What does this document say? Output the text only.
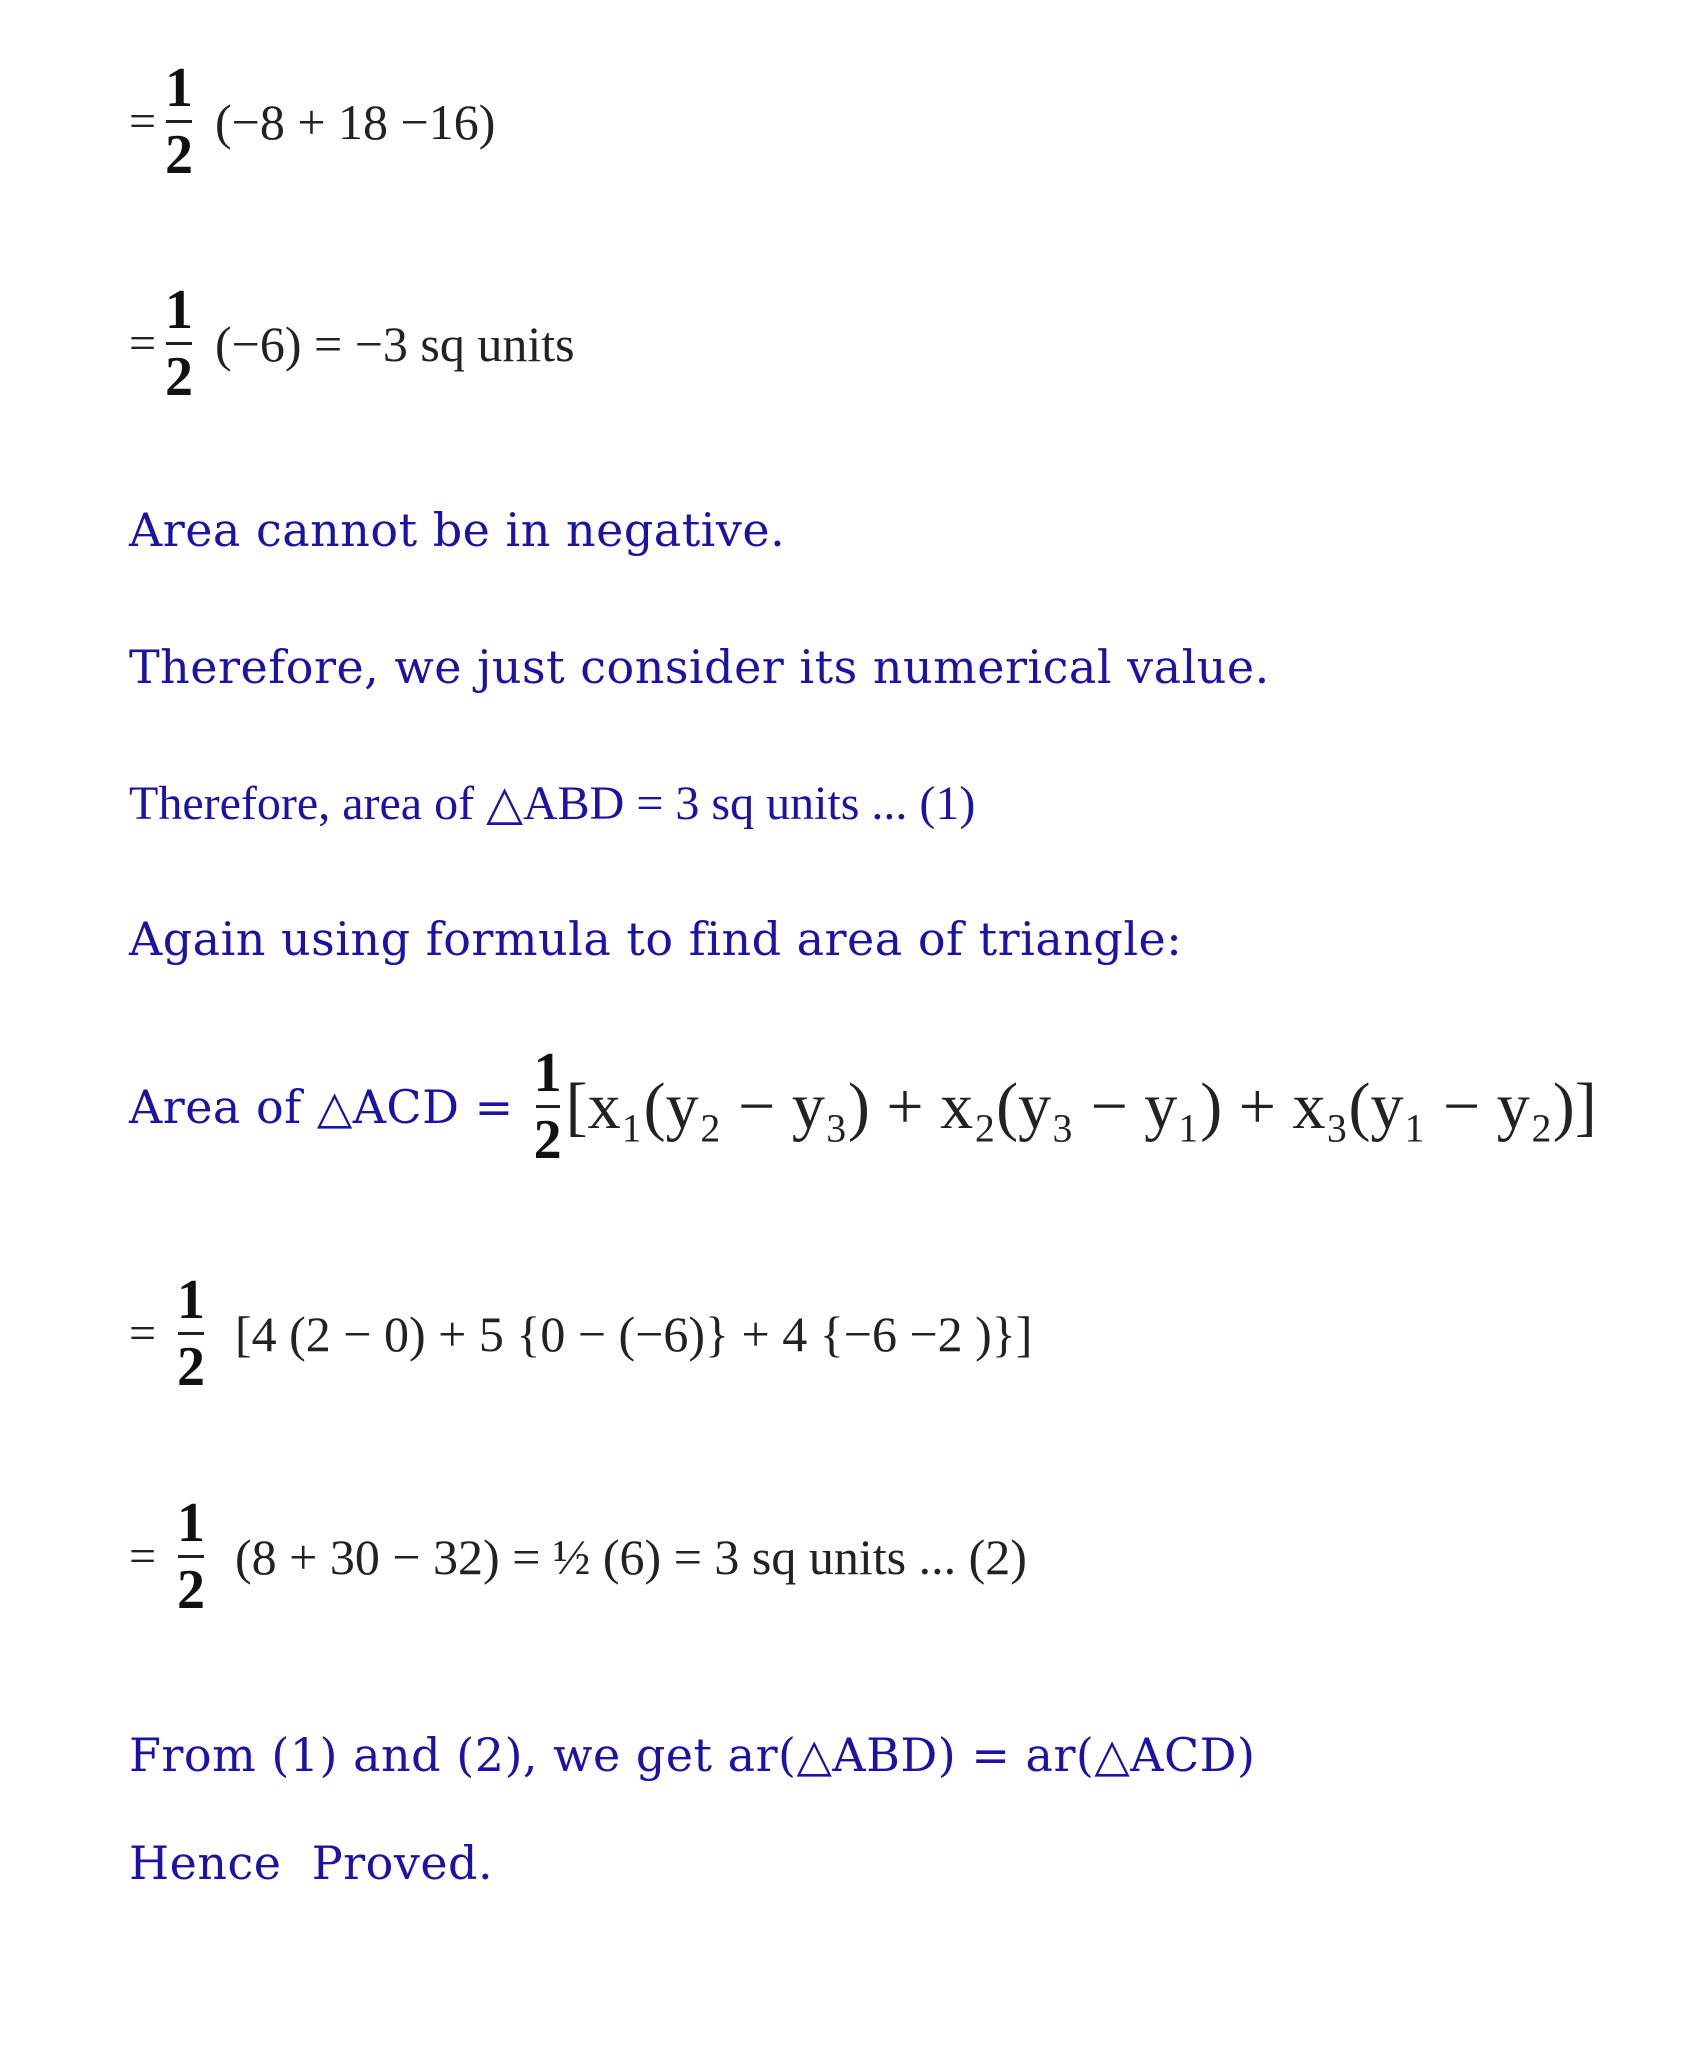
= $\frac{1}{2} (-8 + 18 -16)$
= $\frac{1}{2} (-6) = -3$ sq units
Area cannot be in negative.
Therefore, we just consider its numerical value.
Therefore, area of △ABD = 3 sq units ... (1)
Again using formula to find area of triangle:
Area of △ACD = $\frac{1}{2} [x_1(y_2 - y_3) + x_2(y_3 - y_1) + x_3(y_1 - y_2)]$
= $\frac{1}{2} [4$ (2 − 0) + 5 {0 − (−6)} + 4 {−6 −2 )}]
= $\frac{1}{2} (8 + 30 - 32)$ = ½ (6) = 3 sq units ... (2)
From (1) and (2), we get ar(△ABD) = ar(△ACD)
Hence  Proved.
